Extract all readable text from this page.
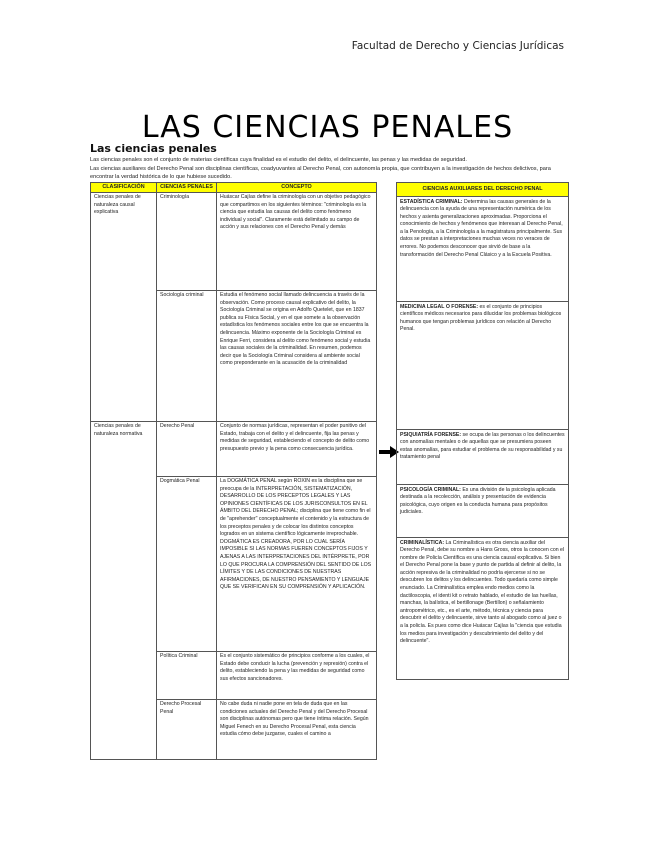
Facultad de Derecho y Ciencias Jurídicas
LAS CIENCIAS PENALES
Las ciencias penales
Las ciencias penales son el conjunto de materias científicas cuya finalidad es el estudio del delito, el delincuente, las penas y las medidas de seguridad.
Las ciencias auxiliares del Derecho Penal son disciplinas científicas, coadyuvantes al Derecho Penal, con autonomía propia, que contribuyen a la investigación de hechos delictivos, para encontrar la verdad histórica de lo que hubiese sucedido.
CLASIFICACIÓN	CIENCIAS PENALES	CONCEPTO
Ciencias penales de naturaleza causal explicativa	Criminología	Huáscar Cajías define la criminología con un objetivo pedagógico que compartimos en los siguientes términos: "criminología es la ciencia que estudia las causas del delito como fenómeno individual y social". Claramente está delimitado su campo de acción y sus relaciones con el Derecho Penal y demás
	Sociología criminal	Estudia el fenómeno social llamado delincuencia a través de la observación. Como proceso causal explicativo del delito, la Sociología Criminal se origina en Adolfo Quetelet, que en 1837 publica su Física Social, y en el que somete a la observación estadística los fenómenos sociales entre los que se encuentra la delincuencia. Máximo exponente de la Sociología Criminal es Enrique Ferri, considera al delito como fenómeno social y estudia las causas sociales de la criminalidad. En resumen, podemos decir que la Sociología Criminal considera al ambiente social como preponderante en la acusación de la criminalidad
Ciencias penales de naturaleza normativa	Derecho Penal	Conjunto de normas jurídicas, representan el poder punitivo del Estado, trabaja con el delito y el delincuente, fija las penas y medidas de seguridad, estableciendo el concepto de delito como presupuesto previo y la pena como consecuencia jurídica.
	Dogmática Penal	La DOGMÁTICA PENAL según ROXIN es la disciplina que se preocupa de la INTERPRETACIÓN, SISTEMATIZACIÓN, DESARROLLO DE LOS PRECEPTOS LEGALES Y LAS OPINIONES CIENTÍFICAS DE LOS JURISCONSULTOS EN EL ÁMBITO DEL DERECHO PENAL; disciplina que tiene como fin el de "aprehender" conceptualmente el contenido y la estructura de los preceptos penales y de colocar los distintos conceptos logrados en un sistema científico lógicamente irreprochable. DOGMÁTICA ES CREADORA, POR LO CUAL SERÍA IMPOSIBLE SI LAS NORMAS FUEREN CONCEPTOS FIJOS Y AJENAS A LAS INTERPRETACIONES DEL INTÉRPRETE, POR LO QUE PROCURA LA COMPRENSIÓN DEL SENTIDO DE LOS LÍMITES Y DE LAS CONDICIONES DE NUESTRAS AFIRMACIONES, DE NUESTRO PENSAMIENTO Y LENGUAJE QUE SE VERIFICAN EN SU COMPRENSIÓN Y APLICACIÓN.
	Política Criminal	Es el conjunto sistemático de principios conforme a los cuales, el Estado debe conducir la lucha (prevención y represión) contra el delito, estableciendo la pena y las medidas de seguridad como sus efectos sancionadores.
	Derecho Procesal Penal	No cabe duda ni nadie pone en tela de duda que en las condiciones actuales del Derecho Penal y del Derecho Procesal son disciplinas autónomas pero que tiene íntima relación. Según Miguel Fenech en su Derecho Procesal Penal, esta ciencia estudia cómo debe juzgarse, cuales el camino a
CIENCIAS AUXILIARES DEL DERECHO PENAL
ESTADÍSTICA CRIMINAL: Determina las causas generales de la delincuencia con la ayuda de una representación numérica de los hechos y asienta generalizaciones aproximadas. Proporciona el conocimiento de hechos y fenómenos que interesan al Derecho Penal, a la Penología, a la Criminología a la magistratura principalmente. Sus datos se prestan a interpretaciones muchas veces no veraces de errores. No podemos desconocer que sirvió de base a la transformación del Derecho Penal Clásico y a la Escuela Positiva.
MEDICINA LEGAL O FORENSE: es el conjunto de principios científicos médicos necesarios para dilucidar los problemas biológicos humanos que tengan problemas jurídicos con relación al Derecho Penal.
PSIQUIATRÍA FORENSE: se ocupa de las personas o los delincuentes con anomalías mentales o de aquellas que se presumiera poseen estas anomalías, para estudiar el problema de su responsabilidad y su tratamiento penal
PSICOLOGÍA CRIMINAL: Es una división de la psicología aplicada destinada a la recolección, análisis y presentación de evidencia psicológica, cuyo origen es la conducta humana para propósitos judiciales.
CRIMINALÍSTICA: La Criminalística es otra ciencia auxiliar del Derecho Penal, debe su nombre a Hans Gross, otros la conocen con el nombre de Policía Científica es una ciencia causal explicativa. Si bien el Derecho Penal pone la base y punto de partida al definir al delito, la acción represiva de la criminalidad no podría ejercerse si no se descubren los delitos y los delincuentes. Todo quedaría como simple enunciado. La Criminalística emplea endo medios como la dactiloscopia, el identi kit o retrato hablado, el estudio de las huellas, manchas, la balística, el bertillonage (Bertillon) o señalamiento antropométrico, etc., es el arte, método, técnica y ciencia para descubrir el delito y delincuente, sirve tanto al abogado como al juez o a la policía. Es pues como dice Huáscar Cajías la "ciencia que estudia los medios para investigación y descubrimiento del delito y del delincuente".
